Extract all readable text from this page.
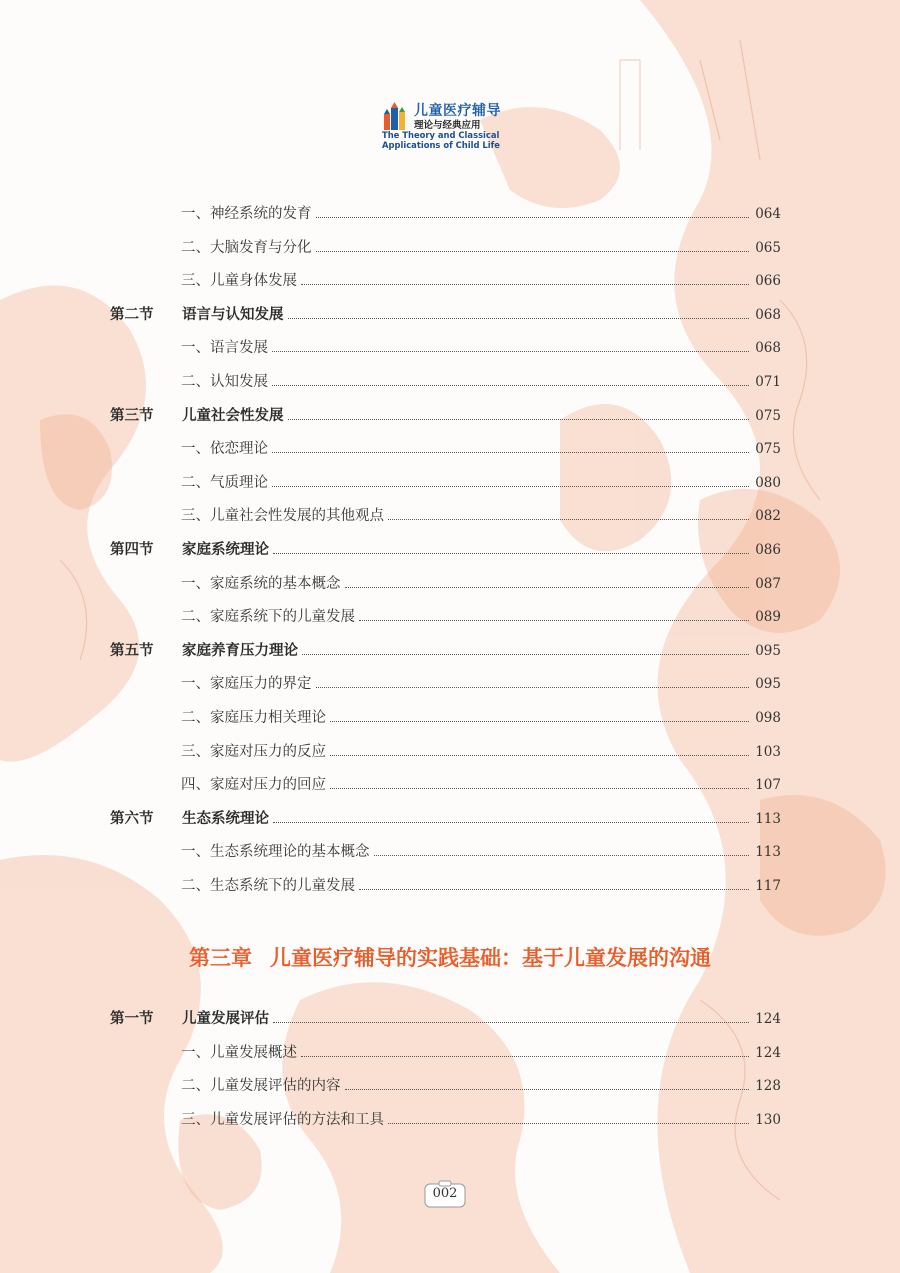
儿童医疗辅导
理论与经典应用
The Theory and Classical
Applications of Child Life
一、神经系统的发育	064
二、大脑发育与分化	065
三、儿童身体发展	066
第二节	语言与认知发展	068
一、语言发展	068
二、认知发展	071
第三节	儿童社会性发展	075
一、依恋理论	075
二、气质理论	080
三、儿童社会性发展的其他观点	082
第四节	家庭系统理论	086
一、家庭系统的基本概念	087
二、家庭系统下的儿童发展	089
第五节	家庭养育压力理论	095
一、家庭压力的界定	095
二、家庭压力相关理论	098
三、家庭对压力的反应	103
四、家庭对压力的回应	107
第六节	生态系统理论	113
一、生态系统理论的基本概念	113
二、生态系统下的儿童发展	117
第三章 儿童医疗辅导的实践基础：基于儿童发展的沟通
第一节	儿童发展评估	124
一、儿童发展概述	124
二、儿童发展评估的内容	128
三、儿童发展评估的方法和工具	130
002
